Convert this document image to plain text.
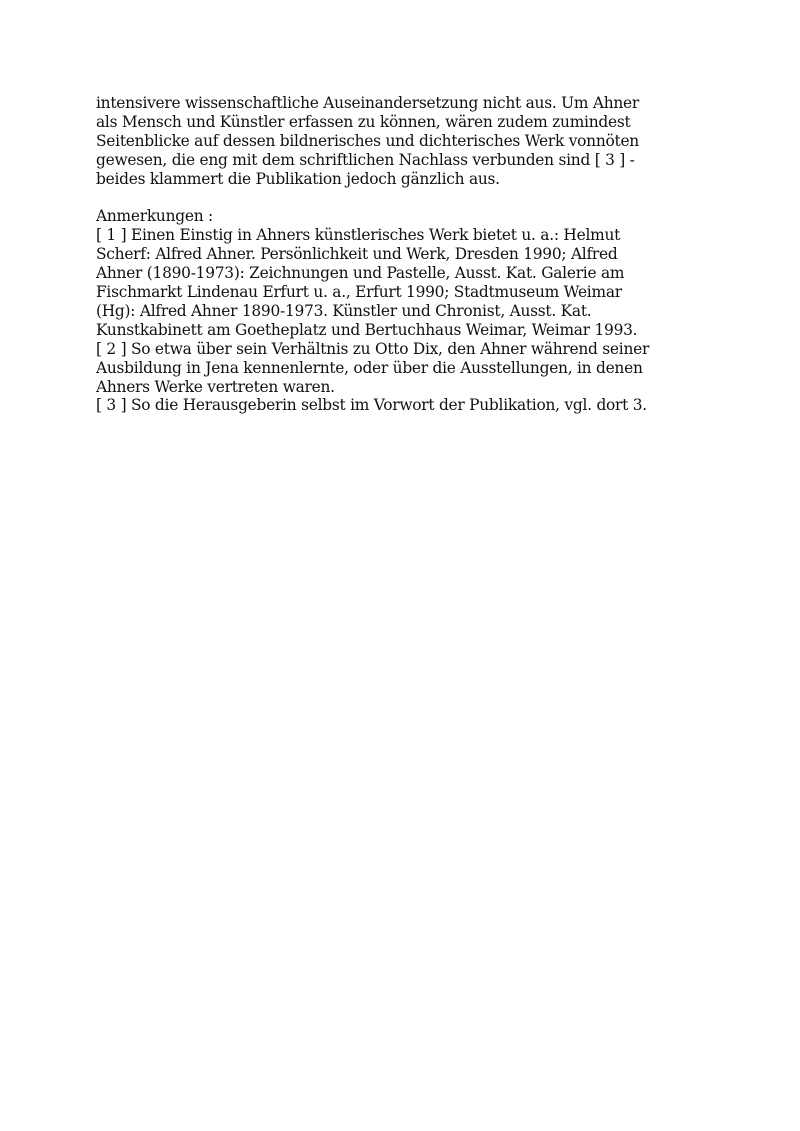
intensivere wissenschaftliche Auseinandersetzung nicht aus. Um Ahner
als Mensch und Künstler erfassen zu können, wären zudem zumindest
Seitenblicke auf dessen bildnerisches und dichterisches Werk vonnöten
gewesen, die eng mit dem schriftlichen Nachlass verbunden sind [ 3 ] -
beides klammert die Publikation jedoch gänzlich aus.
Anmerkungen :
[ 1 ] Einen Einstig in Ahners künstlerisches Werk bietet u. a.: Helmut
Scherf: Alfred Ahner. Persönlichkeit und Werk, Dresden 1990; Alfred
Ahner (1890-1973): Zeichnungen und Pastelle, Ausst. Kat. Galerie am
Fischmarkt Lindenau Erfurt u. a., Erfurt 1990; Stadtmuseum Weimar
(Hg): Alfred Ahner 1890-1973. Künstler und Chronist, Ausst. Kat.
Kunstkabinett am Goetheplatz und Bertuchhaus Weimar, Weimar 1993.
[ 2 ] So etwa über sein Verhältnis zu Otto Dix, den Ahner während seiner
Ausbildung in Jena kennenlernte, oder über die Ausstellungen, in denen
Ahners Werke vertreten waren.
[ 3 ] So die Herausgeberin selbst im Vorwort der Publikation, vgl. dort 3.
